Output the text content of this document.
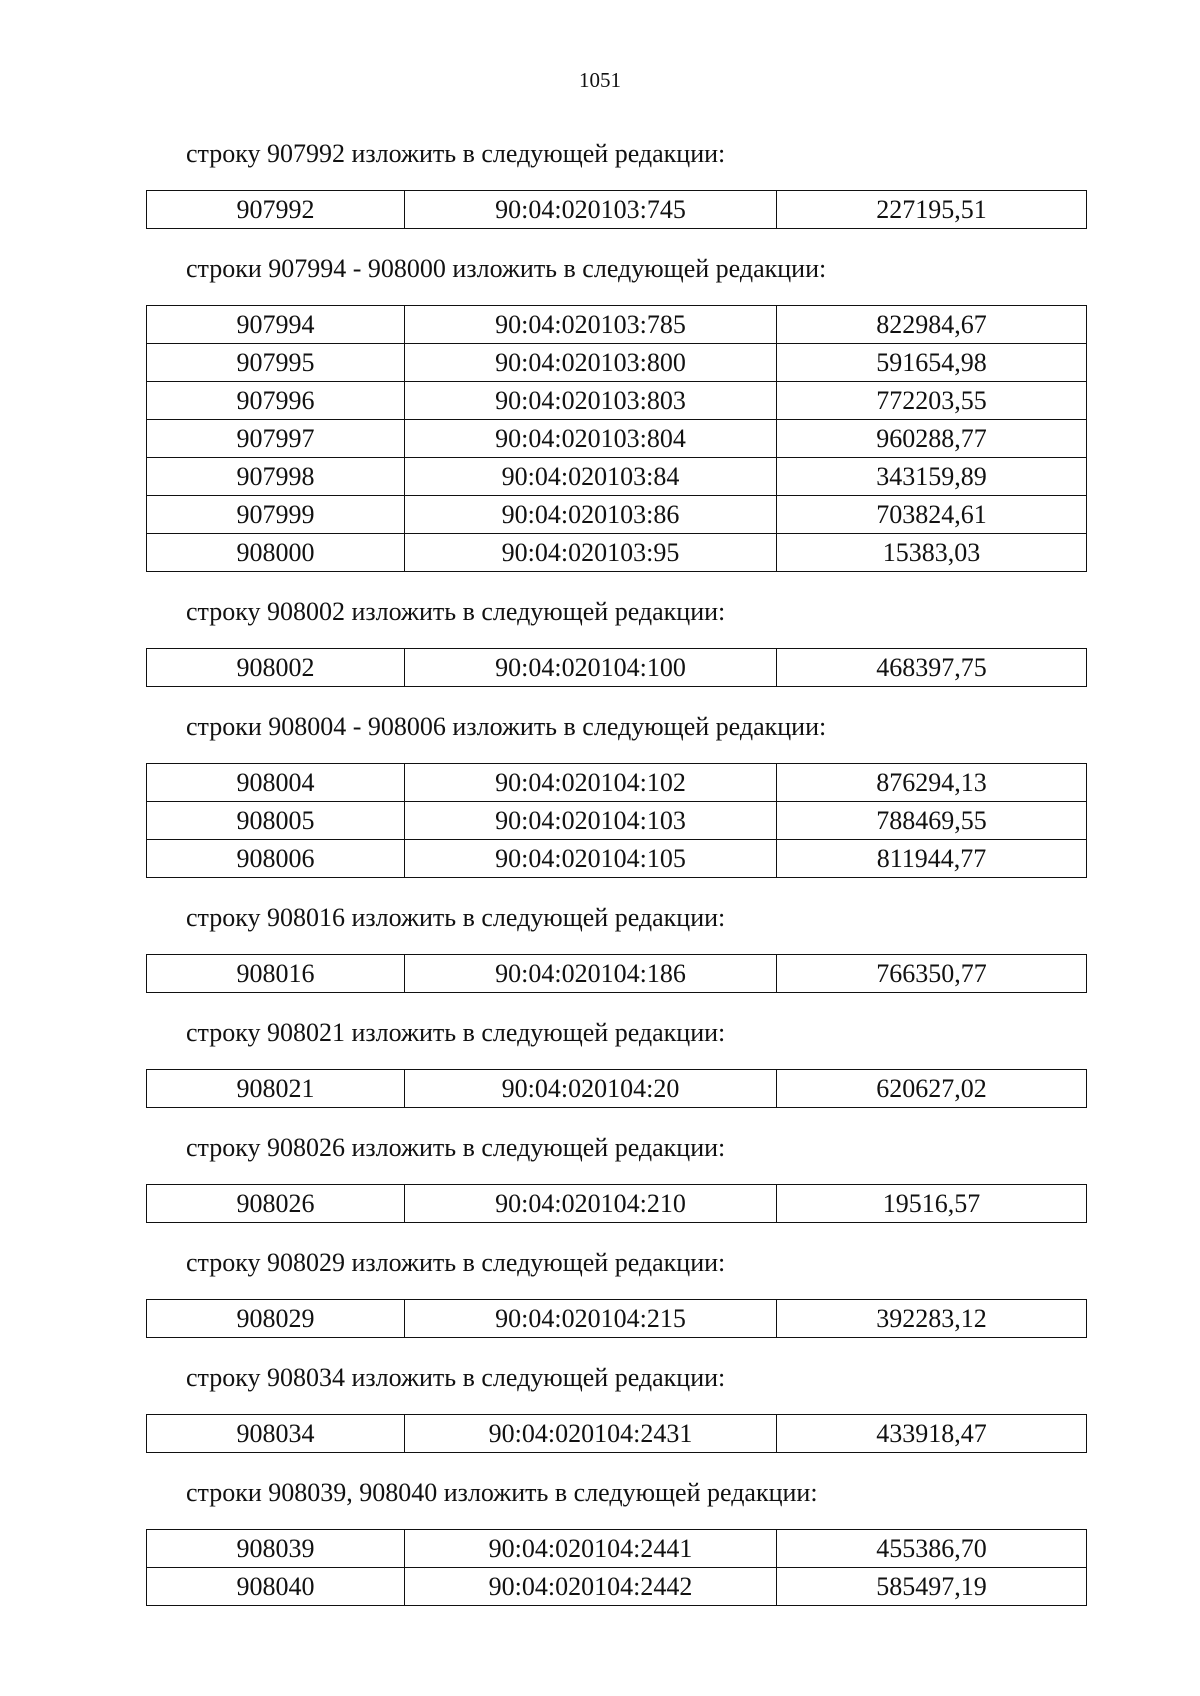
1051
строку 907992 изложить в следующей редакции:
907992	90:04:020103:745	227195,51
строки 907994 - 908000 изложить в следующей редакции:
907994	90:04:020103:785	822984,67
907995	90:04:020103:800	591654,98
907996	90:04:020103:803	772203,55
907997	90:04:020103:804	960288,77
907998	90:04:020103:84	343159,89
907999	90:04:020103:86	703824,61
908000	90:04:020103:95	15383,03
строку 908002 изложить в следующей редакции:
908002	90:04:020104:100	468397,75
строки 908004 - 908006 изложить в следующей редакции:
908004	90:04:020104:102	876294,13
908005	90:04:020104:103	788469,55
908006	90:04:020104:105	811944,77
строку 908016 изложить в следующей редакции:
908016	90:04:020104:186	766350,77
строку 908021 изложить в следующей редакции:
908021	90:04:020104:20	620627,02
строку 908026 изложить в следующей редакции:
908026	90:04:020104:210	19516,57
строку 908029 изложить в следующей редакции:
908029	90:04:020104:215	392283,12
строку 908034 изложить в следующей редакции:
908034	90:04:020104:2431	433918,47
строки 908039, 908040 изложить в следующей редакции:
908039	90:04:020104:2441	455386,70
908040	90:04:020104:2442	585497,19
